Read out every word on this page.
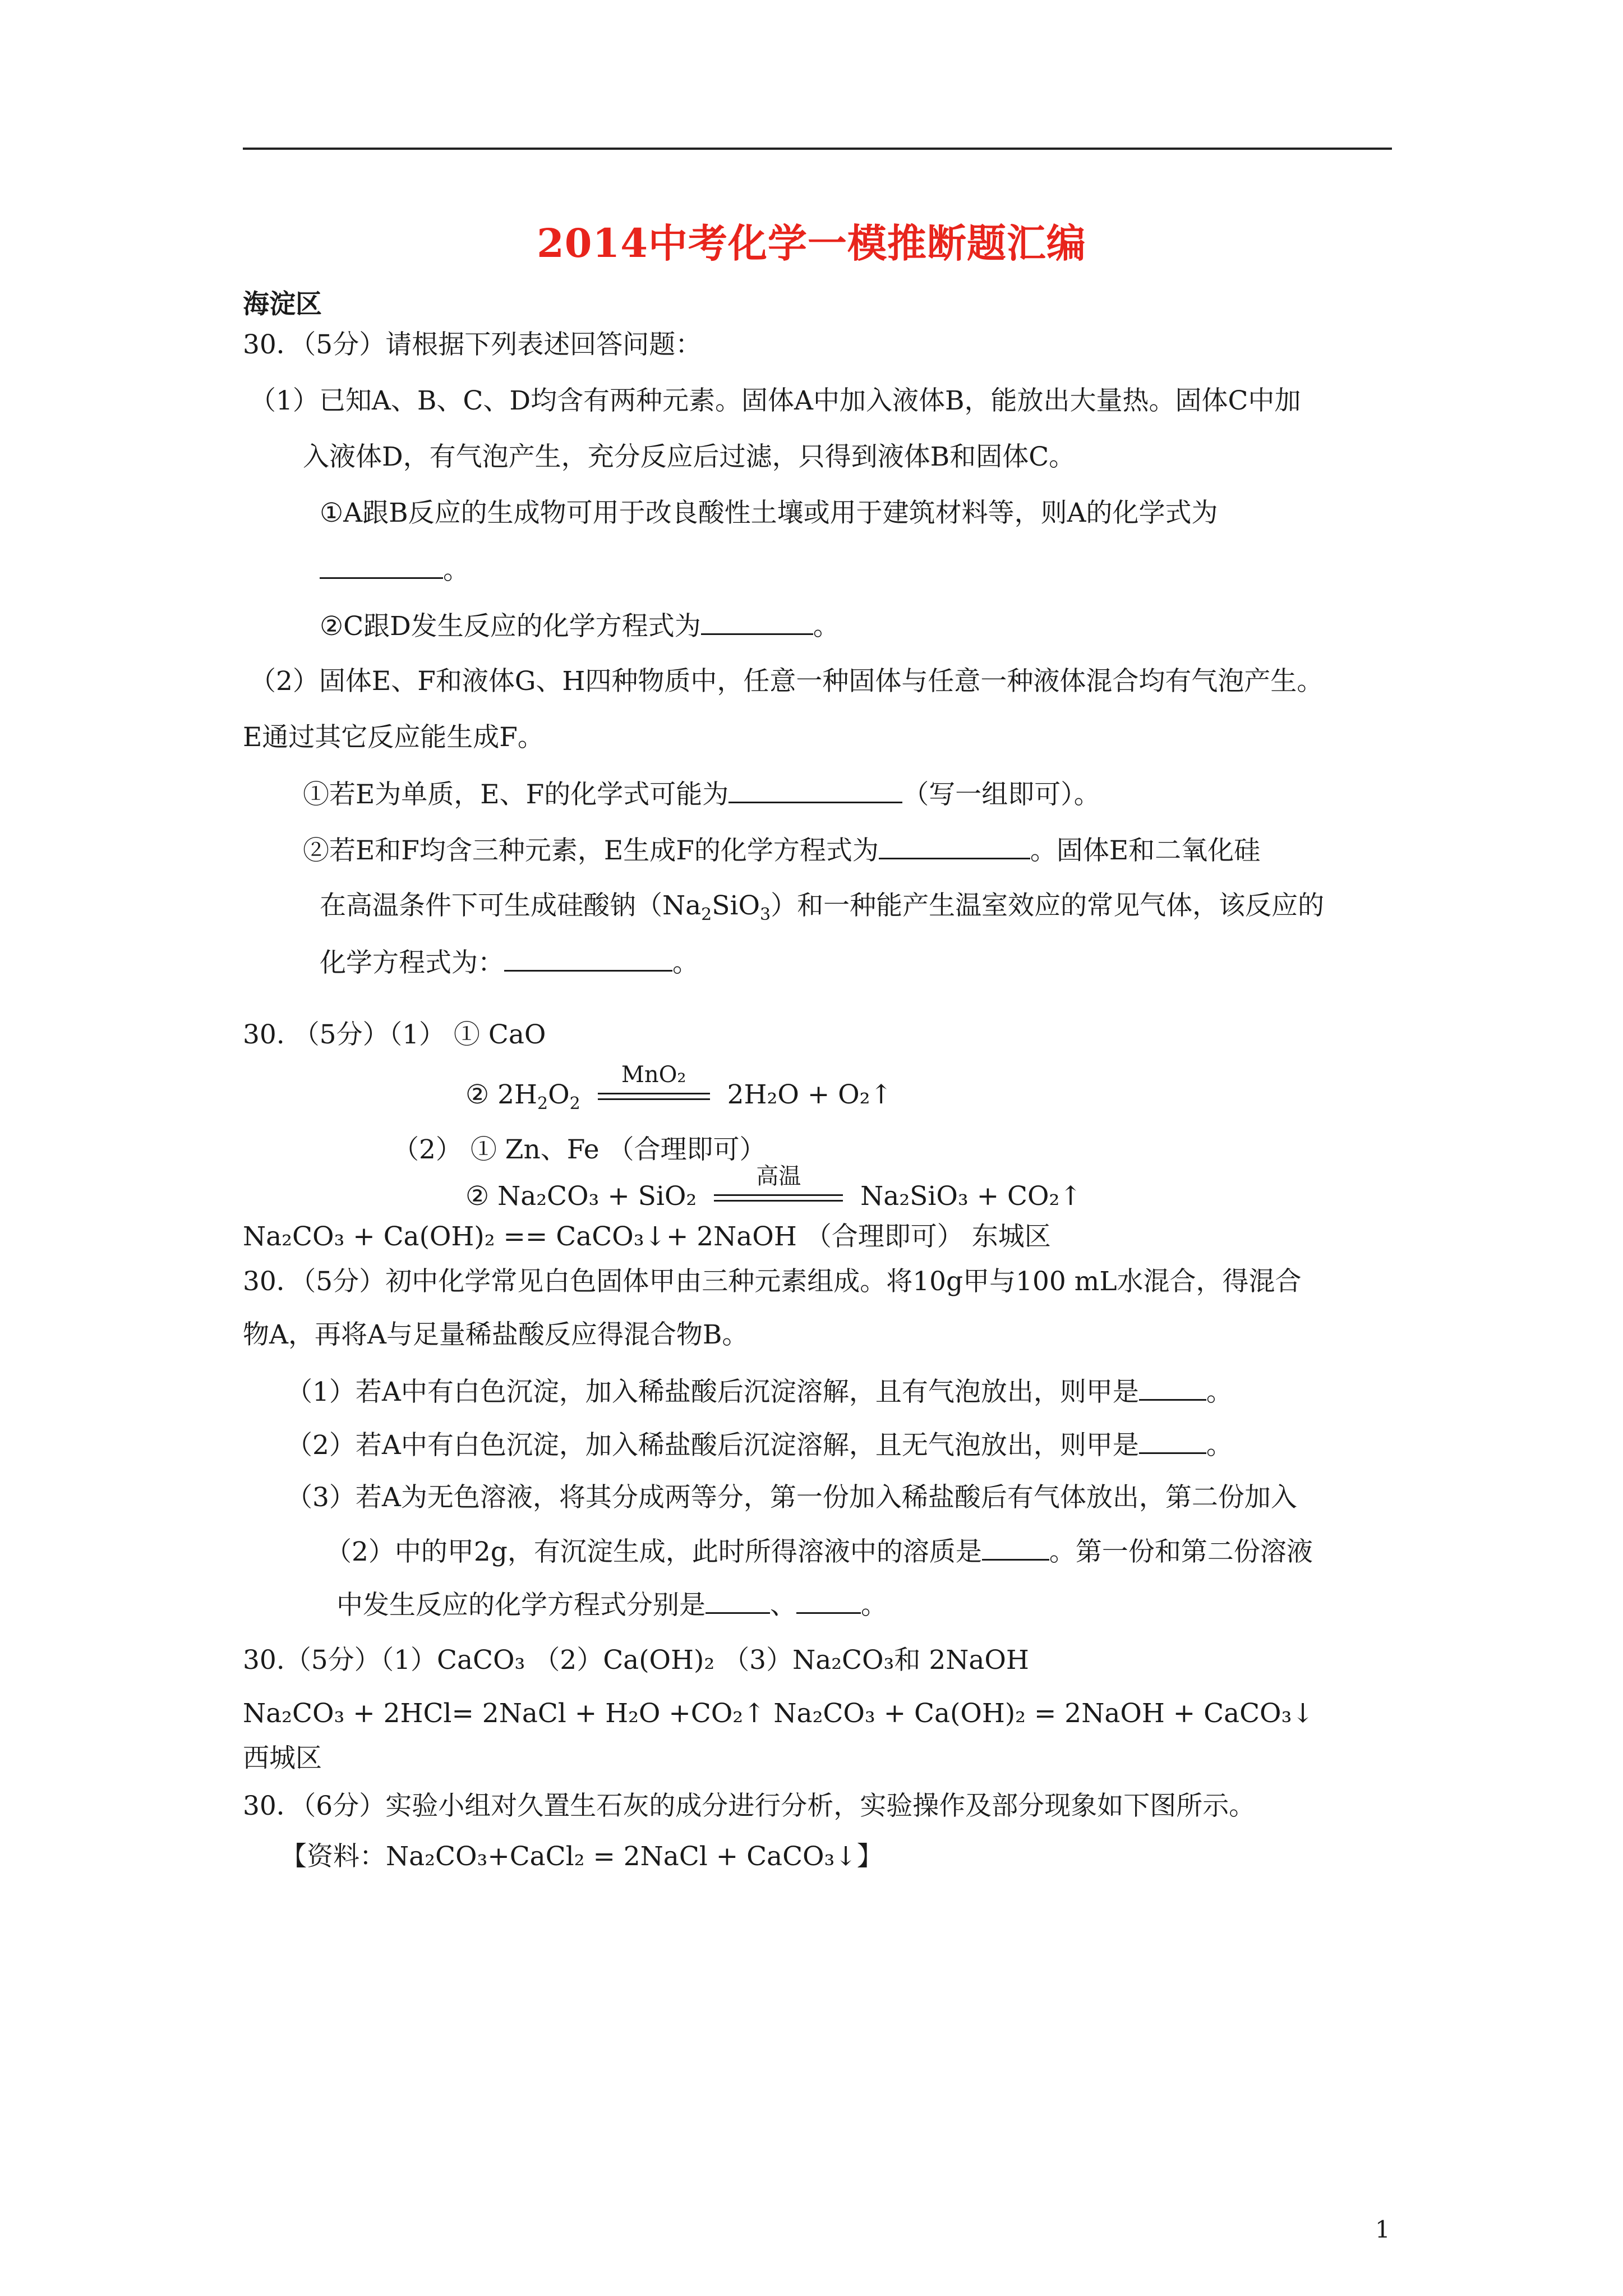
2014中考化学一模推断题汇编
海淀区
30．（5分）请根据下列表述回答问题：
（1）已知A、B、C、D均含有两种元素。固体A中加入液体B，能放出大量热。固体C中加
入液体D，有气泡产生，充分反应后过滤，只得到液体B和固体C。
①A跟B反应的生成物可用于改良酸性土壤或用于建筑材料等，则A的化学式为
。
②C跟D发生反应的化学方程式为	。
（2）固体E、F和液体G、H四种物质中，任意一种固体与任意一种液体混合均有气泡产生。
E通过其它反应能生成F。
①若E为单质，E、F的化学式可能为	（写一组即可）。
②若E和F均含三种元素，E生成F的化学方程式为	。固体E和二氧化硅
在高温条件下可生成硅酸钠$(Na_2SiO_3)$和一种能产生温室效应的常见气体，该反应的
化学方程式为：	。
30. （5分）（1） ① CaO
② $2H_2O_2$
MnO₂
2H₂O + O₂↑
（2） ① Zn、Fe （合理即可）
② Na₂CO₃ + SiO₂
高温
Na₂SiO₃ + CO₂↑
Na₂CO₃ + Ca(OH)₂ == CaCO₃↓+ 2NaOH （合理即可） 东城区
30．（5分）初中化学常见白色固体甲由三种元素组成。将10g甲与100 mL水混合，得混合
物A，再将A与足量稀盐酸反应得混合物B。
（1）若A中有白色沉淀，加入稀盐酸后沉淀溶解，且有气泡放出，则甲是	。
（2）若A中有白色沉淀，加入稀盐酸后沉淀溶解，且无气泡放出，则甲是	。
（3）若A为无色溶液，将其分成两等分，第一份加入稀盐酸后有气体放出，第二份加入
（2）中的甲2g，有沉淀生成，此时所得溶液中的溶质是	。第一份和第二份溶液
中发生反应的化学方程式分别是 、 。
30.（5分）（1）CaCO₃ （2）Ca(OH)₂ （3）Na₂CO₃和 2NaOH
Na₂CO₃ + 2HCl= 2NaCl + H₂O +CO₂↑ Na₂CO₃ + Ca(OH)₂ = 2NaOH + CaCO₃↓
西城区
30．（6分）实验小组对久置生石灰的成分进行分析，实验操作及部分现象如下图所示。
【资料：Na₂CO₃+CaCl₂ = 2NaCl + CaCO₃↓】
1
